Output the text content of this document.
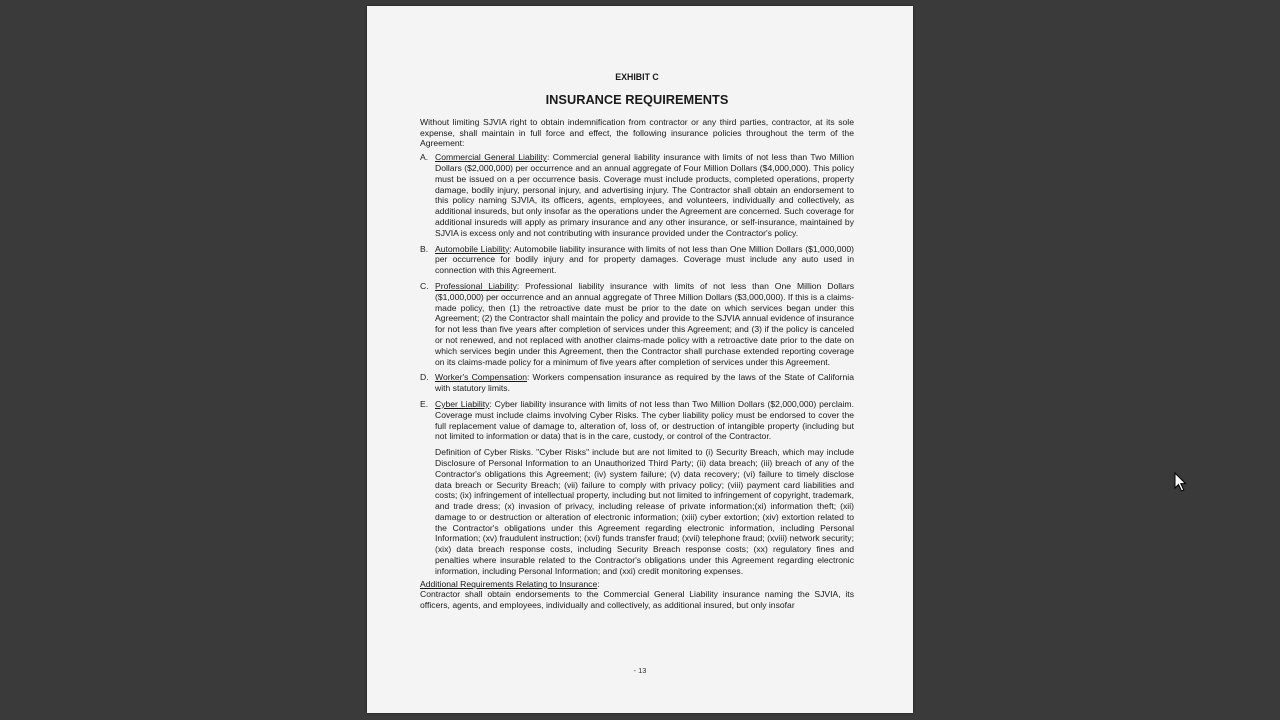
EXHIBIT C

INSURANCE REQUIREMENTS

Without limiting SJVIA right to obtain indemnification from contractor or any third parties, contractor, at its sole expense, shall maintain in full force and effect, the following insurance policies throughout the term of the Agreement:

A. Commercial General Liability: Commercial general liability insurance with limits of not less than Two Million Dollars ($2,000,000) per occurrence and an annual aggregate of Four Million Dollars ($4,000,000). This policy must be issued on a per occurrence basis. Coverage must include products, completed operations, property damage, bodily injury, personal injury, and advertising injury. The Contractor shall obtain an endorsement to this policy naming SJVIA, its officers, agents, employees, and volunteers, individually and collectively, as additional insureds, but only insofar as the operations under the Agreement are concerned. Such coverage for additional insureds will apply as primary insurance and any other insurance, or self-insurance, maintained by SJVIA is excess only and not contributing with insurance provided under the Contractor's policy.
B. Automobile Liability: Automobile liability insurance with limits of not less than One Million Dollars ($1,000,000) per occurrence for bodily injury and for property damages. Coverage must include any auto used in connection with this Agreement.
C. Professional Liability: Professional liability insurance with limits of not less than One Million Dollars ($1,000,000) per occurrence and an annual aggregate of Three Million Dollars ($3,000,000). If this is a claims-made policy, then (1) the retroactive date must be prior to the date on which services began under this Agreement; (2) the Contractor shall maintain the policy and provide to the SJVIA annual evidence of insurance for not less than five years after completion of services under this Agreement; and (3) if the policy is canceled or not renewed, and not replaced with another claims-made policy with a retroactive date prior to the date on which services begin under this Agreement, then the Contractor shall purchase extended reporting coverage on its claims-made policy for a minimum of five years after completion of services under this Agreement.
D. Worker's Compensation: Workers compensation insurance as required by the laws of the State of California with statutory limits.
E. Cyber Liability: Cyber liability insurance with limits of not less than Two Million Dollars ($2,000,000) perclaim. Coverage must include claims involving Cyber Risks. The cyber liability policy must be endorsed to cover the full replacement value of damage to, alteration of, loss of, or destruction of intangible property (including but not limited to information or data) that is in the care, custody, or control of the Contractor.

Definition of Cyber Risks. "Cyber Risks" include but are not limited to (i) Security Breach, which may include Disclosure of Personal Information to an Unauthorized Third Party; (ii) data breach; (iii) breach of any of the Contractor's obligations this Agreement; (iv) system failure; (v) data recovery; (vi) failure to timely disclose data breach or Security Breach; (vii) failure to comply with privacy policy; (viii) payment card liabilities and costs; (ix) infringement of intellectual property, including but not limited to infringement of copyright, trademark, and trade dress; (x) invasion of privacy, including release of private information;(xi) information theft; (xii) damage to or destruction or alteration of electronic information; (xiii) cyber extortion; (xiv) extortion related to the Contractor's obligations under this Agreement regarding electronic information, including Personal Information; (xv) fraudulent instruction; (xvi) funds transfer fraud; (xvii) telephone fraud; (xviii) network security; (xix) data breach response costs, including Security Breach response costs; (xx) regulatory fines and penalties where insurable related to the Contractor's obligations under this Agreement regarding electronic information, including Personal Information; and (xxi) credit monitoring expenses.

Additional Requirements Relating to Insurance:

Contractor shall obtain endorsements to the Commercial General Liability insurance naming the SJVIA, its officers, agents, and employees, individually and collectively, as additional insured, but only insofar

- 13
